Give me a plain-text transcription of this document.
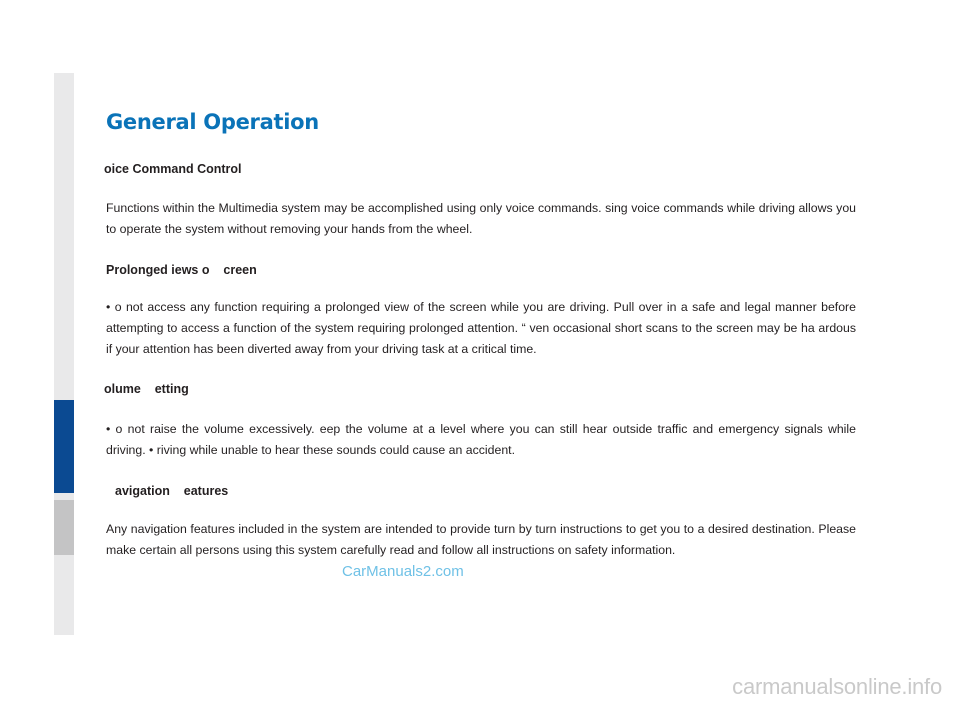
General Operation
oice Command Control
Functions within the Multimedia system may be accomplished using only voice commands. sing voice commands while driving allows you to operate the system without removing your hands from the wheel.
Prolonged iews o    creen
• o not access any function requiring a prolonged view of the screen while you are driving. Pull over in a safe and legal manner before attempting to access a function of the system requiring prolonged attention. “ ven occasional short scans to the screen may be ha ardous if your attention has been diverted away from your driving task at a critical time.
olume    etting
• o not raise the volume excessively. eep the volume at a level where you can still hear outside traffic and emergency signals while driving. • riving while unable to hear these sounds could cause an accident.
avigation    eatures
Any navigation features included in the system are intended to provide turn by turn instructions to get you to a desired destination. Please make certain all persons using this system carefully read and follow all instructions on safety information.
CarManuals2.com
carmanualsonline.info
